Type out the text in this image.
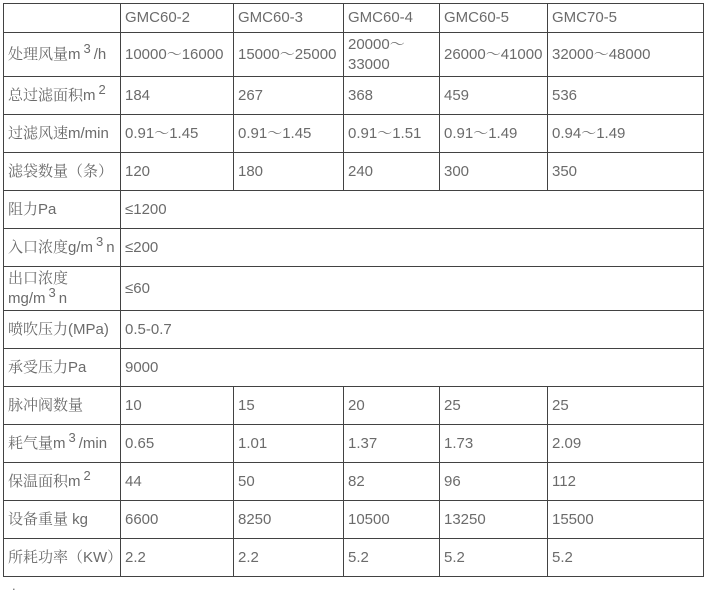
	GMC60-2	GMC60-3	GMC60-4	GMC60-5	GMC70-5
处理风量m $^3$ /h	10000～16000	15000～25000	20000～33000	26000～41000	32000～48000
总过滤面积m $^2$	184	267	368	459	536
过滤风速m/min	0.91～1.45	0.91～1.45	0.91～1.51	0.91～1.49	0.94～1.49
滤袋数量（条）	120	180	240	300	350
阻力Pa	≤1200				
入口浓度g/m $^3$ n	≤200				
出口浓度mg/m $^3$ n	≤60				
喷吹压力(MPa)	0.5-0.7				
承受压力Pa	9000				
脉冲阀数量	10	15	20	25	25
耗气量m $^3$ /min	0.65	1.01	1.37	1.73	2.09
保温面积m $^2$	44	50	82	96	112
设备重量 kg	6600	8250	10500	13250	15500
所耗功率（KW）	2.2	2.2	5.2	5.2	5.2
.
